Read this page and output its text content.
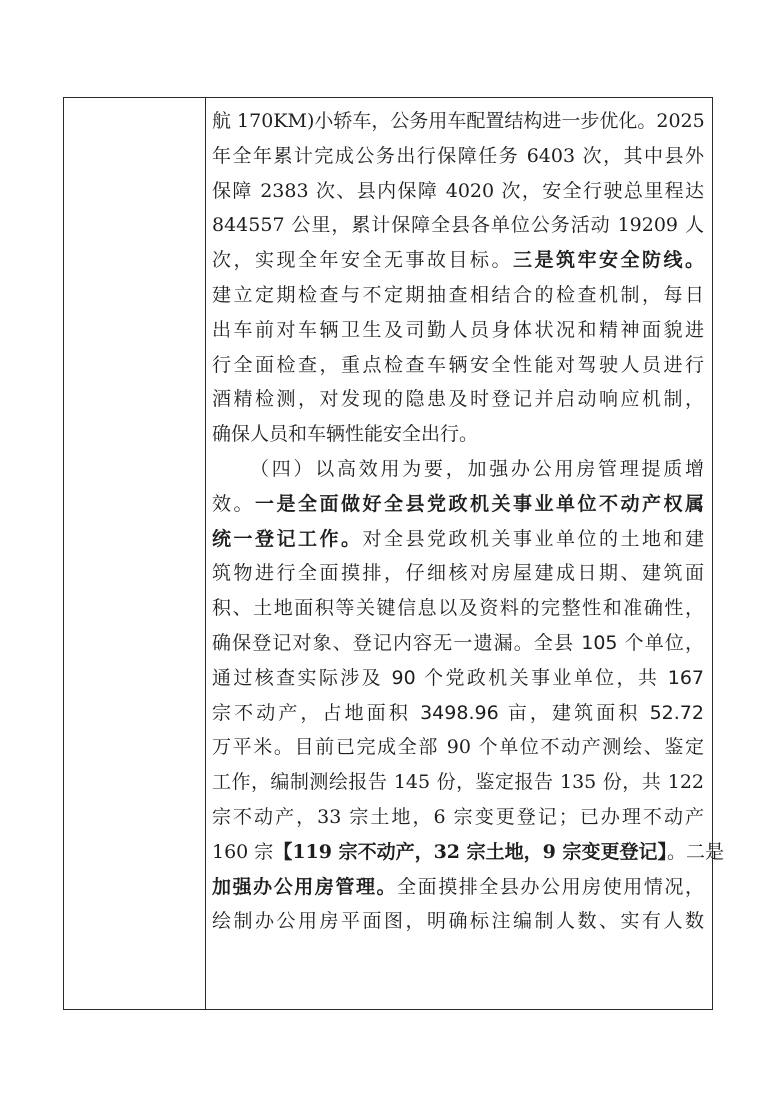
航 170KM)小轿车，公务用车配置结构进一步优化。2025
年全年累计完成公务出行保障任务 6403 次，其中县外
保障 2383 次、县内保障 4020 次，安全行驶总里程达
844557 公里，累计保障全县各单位公务活动 19209 人
次，实现全年安全无事故目标。三是筑牢安全防线。
建立定期检查与不定期抽查相结合的检查机制，每日
出车前对车辆卫生及司勤人员身体状况和精神面貌进
行全面检查，重点检查车辆安全性能对驾驶人员进行
酒精检测，对发现的隐患及时登记并启动响应机制，
确保人员和车辆性能安全出行。
（四）以高效用为要，加强办公用房管理提质增
效。一是全面做好全县党政机关事业单位不动产权属
统一登记工作。对全县党政机关事业单位的土地和建
筑物进行全面摸排，仔细核对房屋建成日期、建筑面
积、土地面积等关键信息以及资料的完整性和准确性，
确保登记对象、登记内容无一遗漏。全县 105 个单位，
通过核查实际涉及 90 个党政机关事业单位，共 167
宗不动产，占地面积 3498.96 亩，建筑面积 52.72
万平米。目前已完成全部 90 个单位不动产测绘、鉴定
工作，编制测绘报告 145 份，鉴定报告 135 份，共 122
宗不动产，33 宗土地，6 宗变更登记；已办理不动产
160 宗【119 宗不动产，32 宗土地，9 宗变更登记】。二是
加强办公用房管理。全面摸排全县办公用房使用情况，
绘制办公用房平面图，明确标注编制人数、实有人数
